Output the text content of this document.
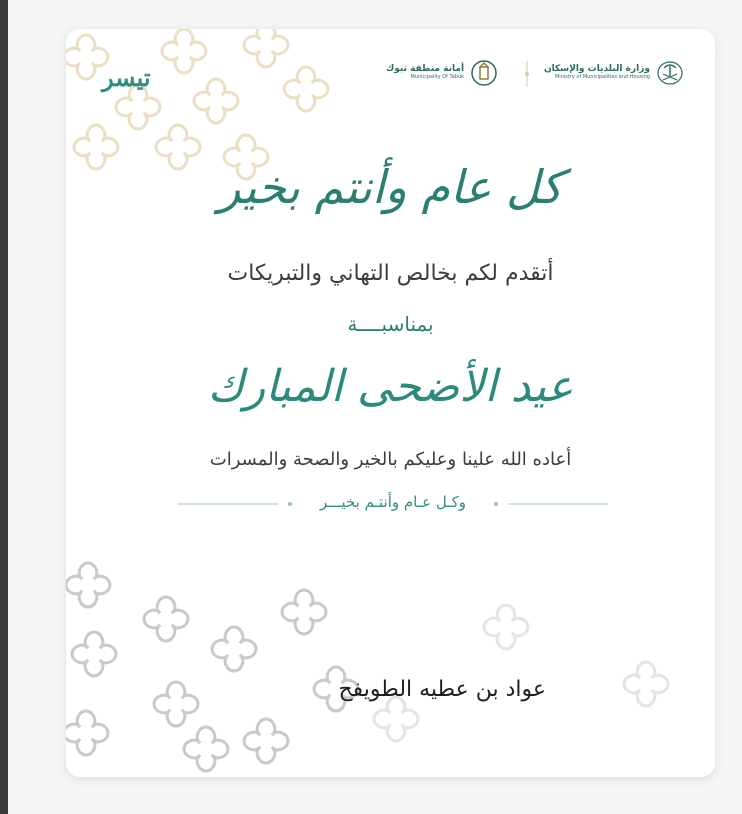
تيسر	أمانة منطقة تبوك
Municipality Of Tabuk
وزارة البلديات والإسكان
Ministry of Municipalities and Housing
كل عام وأنتم بخير
أتقدم لكم بخالص التهاني والتبريكات
بمناسبــــة
عيد الأضحى المبارك
أعاده الله علينا وعليكم بالخير والصحة والمسرات
وكـل عـام وأنتـم بخيـــر
عواد بن عطيه الطويفح
